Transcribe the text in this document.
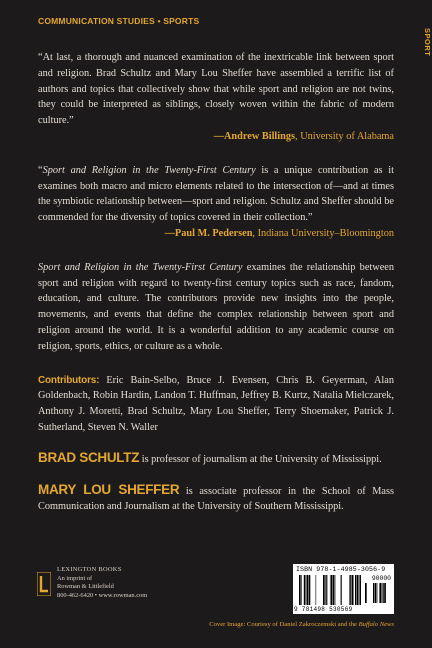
COMMUNICATION STUDIES • SPORTS
SPORT

“At last, a thorough and nuanced examination of the inextricable link between sport and religion. Brad Schultz and Mary Lou Sheffer have assembled a terrific list of authors and topics that collectively show that while sport and religion are not twins, they could be interpreted as siblings, closely woven within the fabric of modern culture.”
—Andrew Billings, University of Alabama

“Sport and Religion in the Twenty-First Century is a unique contribution as it examines both macro and micro elements related to the intersection of—and at times the symbiotic relationship between—sport and religion. Schultz and Sheffer should be commended for the diversity of topics covered in their collection.”
—Paul M. Pedersen, Indiana University–Bloomington

Sport and Religion in the Twenty-First Century examines the relationship between sport and religion with regard to twenty-first century topics such as race, fandom, education, and culture. The contributors provide new insights into the people, movements, and events that define the complex relationship between sport and religion around the world. It is a wonderful addition to any academic course on religion, sports, ethics, or culture as a whole.

Contributors: Eric Bain-Selbo, Bruce J. Evensen, Chris B. Geyerman, Alan Goldenbach, Robin Hardin, Landon T. Huffman, Jeffrey B. Kurtz, Natalia Mielczarek, Anthony J. Moretti, Brad Schultz, Mary Lou Sheffer, Terry Shoemaker, Patrick J. Sutherland, Steven N. Waller

BRAD SCHULTZ is professor of journalism at the University of Mississippi.

MARY LOU SHEFFER is associate professor in the School of Mass Communication and Journalism at the University of Southern Mississippi.

LEXINGTON BOOKS
An imprint of
Rowman & Littlefield
800-462-6420 • www.rowman.com
ISBN 978-1-4985-3056-9
90000
9 781498 530569
Cover Image: Courtesy of Daniel Zakroczemski and the Buffalo News
